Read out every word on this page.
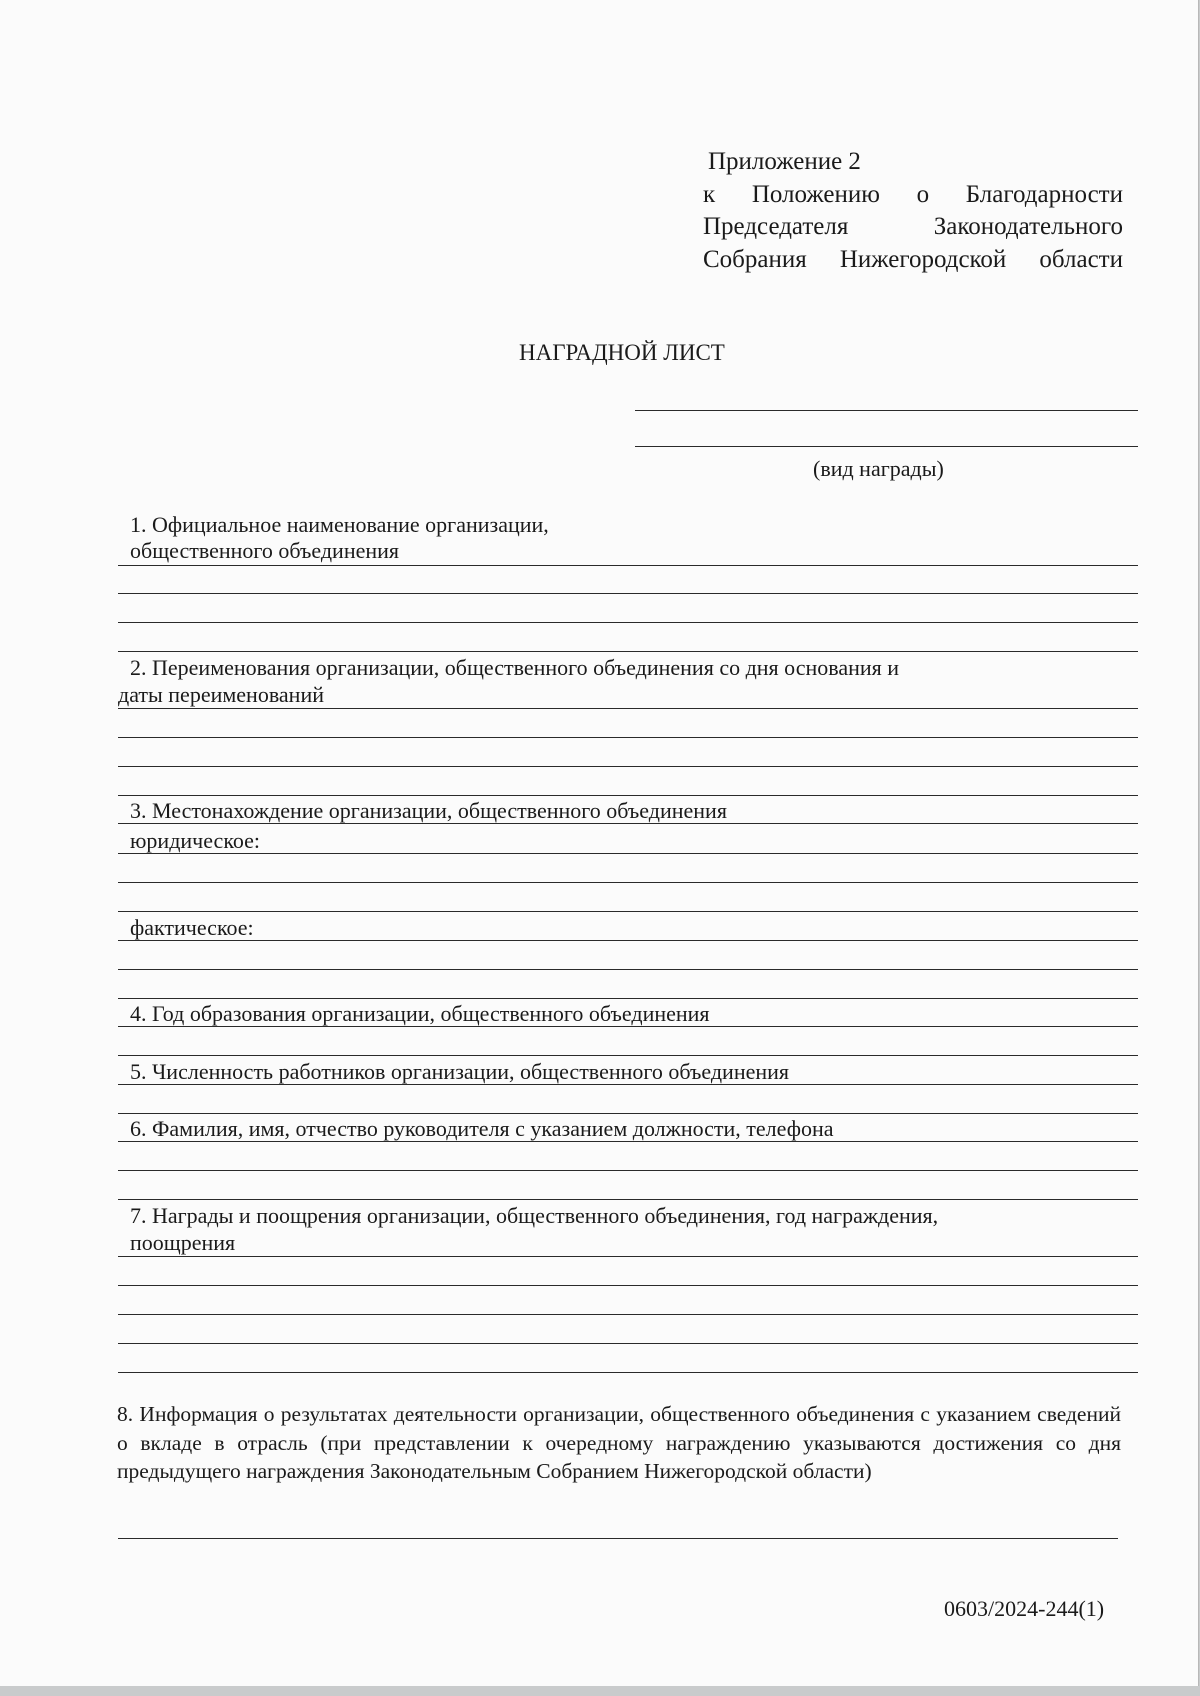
Приложение 2
к Положению о Благодарности
Председателя Законодательного
Собрания Нижегородской области
НАГРАДНОЙ ЛИСТ
(вид награды)
1. Официальное наименование организации,
общественного объединения
2. Переименования организации, общественного объединения со дня основания и
даты переименований
3. Местонахождение организации, общественного объединения
юридическое:
фактическое:
4. Год образования организации, общественного объединения
5. Численность работников организации, общественного объединения
6. Фамилия, имя, отчество руководителя с указанием должности, телефона
7. Награды и поощрения организации, общественного объединения, год награждения,
поощрения
8. Информация о результатах деятельности организации, общественного объединения с указанием сведений о вкладе в отрасль (при представлении к очередному награждению указываются достижения со дня предыдущего награждения Законодательным Собранием Нижегородской области)
0603/2024-244(1)
